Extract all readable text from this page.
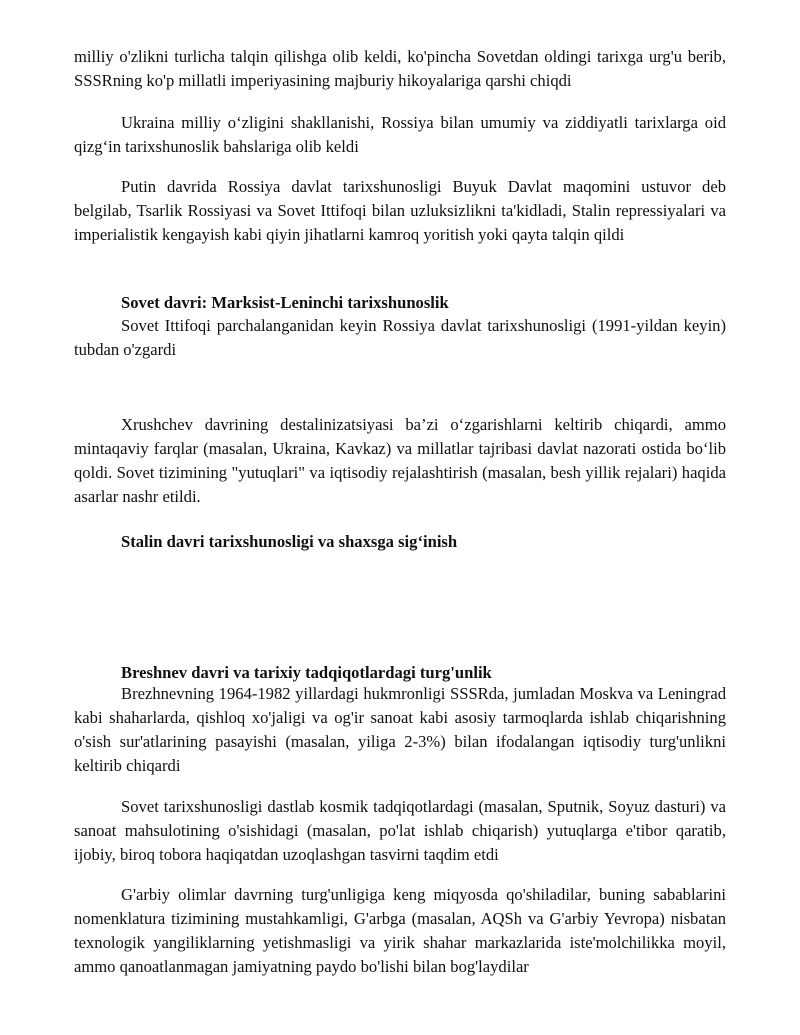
milliy o'zlikni turlicha talqin qilishga olib keldi, ko'pincha Sovetdan oldingi tarixga urg'u berib, SSSRning ko'p millatli imperiyasining majburiy hikoyalariga qarshi chiqdi

Ukraina milliy o‘zligini shakllanishi, Rossiya bilan umumiy va ziddiyatli tarixlarga oid qizg‘in tarixshunoslik bahslariga olib keldi

Putin davrida Rossiya davlat tarixshunosligi Buyuk Davlat maqomini ustuvor deb belgilab, Tsarlik Rossiyasi va Sovet Ittifoqi bilan uzluksizlikni ta'kidladi, Stalin repressiyalari va imperialistik kengayish kabi qiyin jihatlarni kamroq yoritish yoki qayta talqin qildi

Sovet davri: Marksist-Leninchi tarixshunoslik

Sovet Ittifoqi parchalanganidan keyin Rossiya davlat tarixshunosligi (1991-yildan keyin) tubdan o'zgardi

Xrushchev davrining destalinizatsiyasi ba’zi o‘zgarishlarni keltirib chiqardi, ammo mintaqaviy farqlar (masalan, Ukraina, Kavkaz) va millatlar tajribasi davlat nazorati ostida bo‘lib qoldi. Sovet tizimining "yutuqlari" va iqtisodiy rejalashtirish (masalan, besh yillik rejalari) haqida asarlar nashr etildi.

Stalin davri tarixshunosligi va shaxsga sig‘inish

Breshnev davri va tarixiy tadqiqotlardagi turg'unlik

Brezhnevning 1964-1982 yillardagi hukmronligi SSSRda, jumladan Moskva va Leningrad kabi shaharlarda, qishloq xo'jaligi va og'ir sanoat kabi asosiy tarmoqlarda ishlab chiqarishning o'sish sur'atlarining pasayishi (masalan, yiliga 2-3%) bilan ifodalangan iqtisodiy turg'unlikni keltirib chiqardi

Sovet tarixshunosligi dastlab kosmik tadqiqotlardagi (masalan, Sputnik, Soyuz dasturi) va sanoat mahsulotining o'sishidagi (masalan, po'lat ishlab chiqarish) yutuqlarga e'tibor qaratib, ijobiy, biroq tobora haqiqatdan uzoqlashgan tasvirni taqdim etdi

G'arbiy olimlar davrning turg'unligiga keng miqyosda qo'shiladilar, buning sabablarini nomenklatura tizimining mustahkamligi, G'arbga (masalan, AQSh va G'arbiy Yevropa) nisbatan texnologik yangiliklarning yetishmasligi va yirik shahar markazlarida iste'molchilikka moyil, ammo qanoatlanmagan jamiyatning paydo bo'lishi bilan bog'laydilar
